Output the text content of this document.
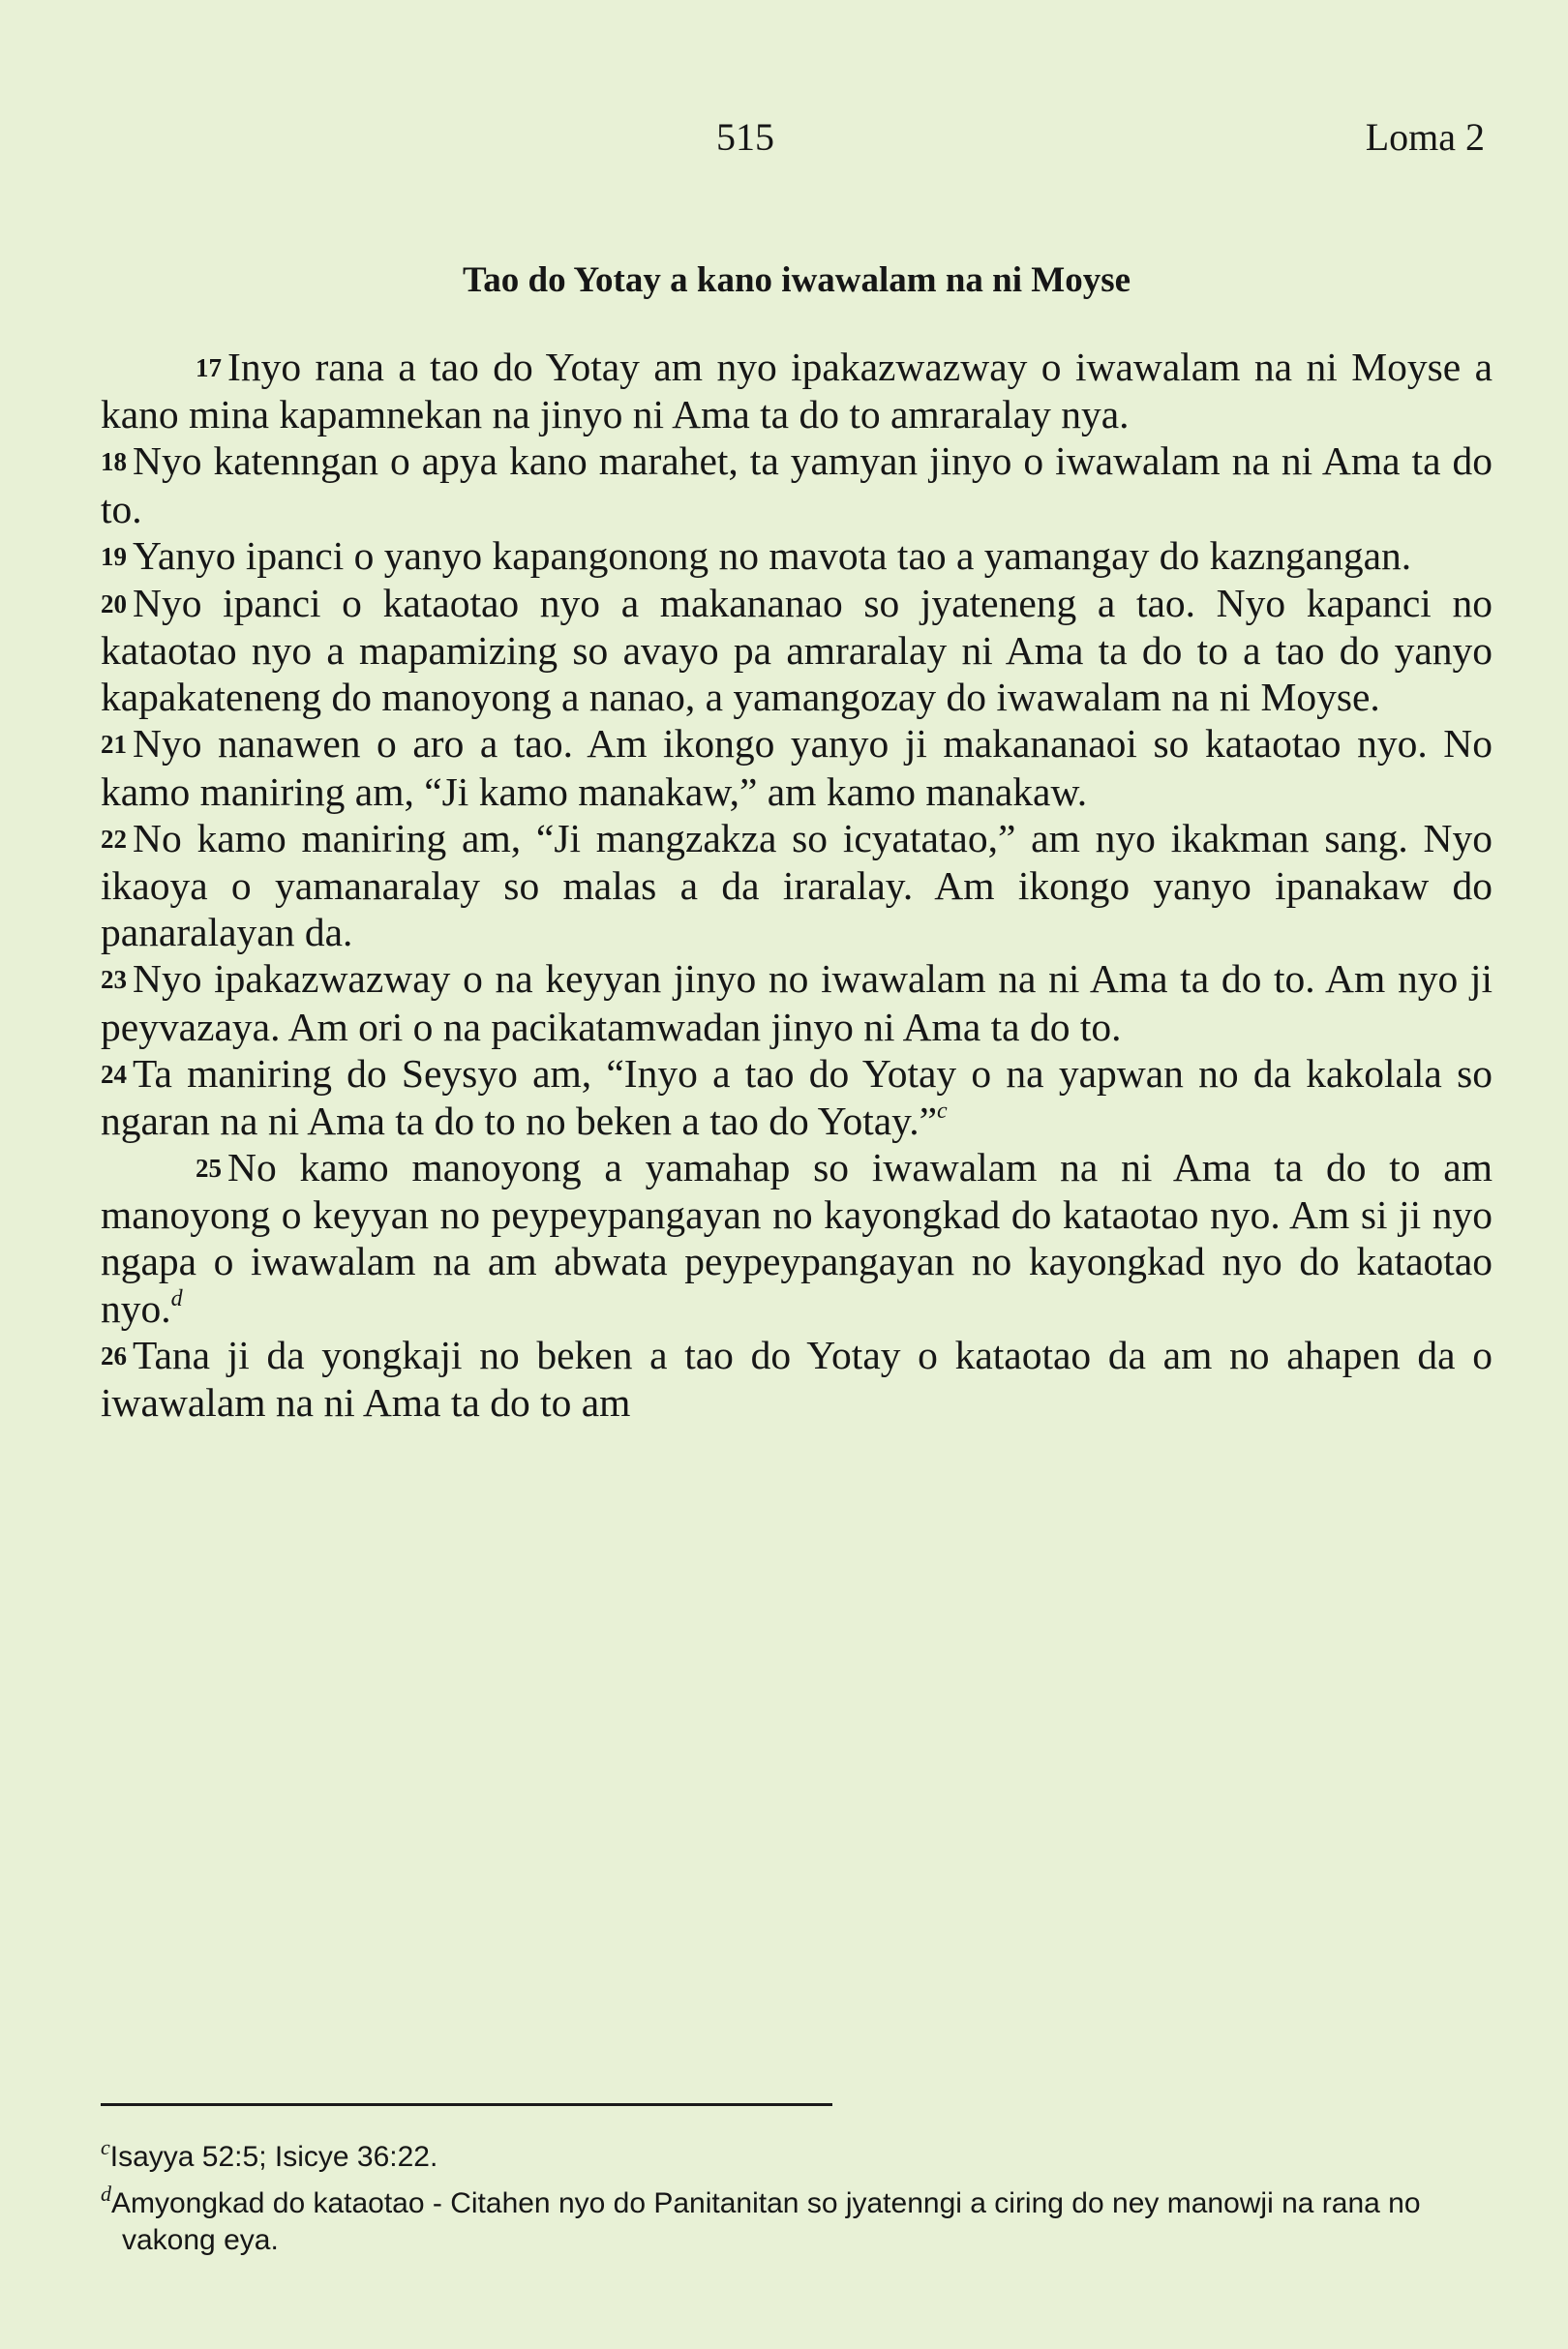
515	Loma 2
Tao do Yotay a kano iwawalam na ni Moyse

17 Inyo rana a tao do Yotay am nyo ipakazwazway o iwawalam na ni Moyse a kano mina kapamnekan na jinyo ni Ama ta do to amraralay nya.

18 Nyo katenngan o apya kano marahet, ta yamyan jinyo o iwawalam na ni Ama ta do to.

19 Yanyo ipanci o yanyo kapangonong no mavota tao a yamangay do kazngangan.

20 Nyo ipanci o kataotao nyo a makananao so jyateneng a tao. Nyo kapanci no kataotao nyo a mapamizing so avayo pa amraralay ni Ama ta do to a tao do yanyo kapakateneng do manoyong a nanao, a yamangozay do iwawalam na ni Moyse.

21 Nyo nanawen o aro a tao. Am ikongo yanyo ji makananaoi so kataotao nyo. No kamo maniring am, “Ji kamo manakaw,” am kamo manakaw.

22 No kamo maniring am, “Ji mangzakza so icyatatao,” am nyo ikakman sang. Nyo ikaoya o yamanaralay so malas a da iraralay. Am ikongo yanyo ipanakaw do panaralayan da.

23 Nyo ipakazwazway o na keyyan jinyo no iwawalam na ni Ama ta do to. Am nyo ji peyvazaya. Am ori o na pacikatamwadan jinyo ni Ama ta do to.

24 Ta maniring do Seysyo am, “Inyo a tao do Yotay o na yapwan no da kakolala so ngaran na ni Ama ta do to no beken a tao do Yotay.”$^c$

25 No kamo manoyong a yamahap so iwawalam na ni Ama ta do to am manoyong o keyyan no peypeypangayan no kayongkad do kataotao nyo. Am si ji nyo ngapa o iwawalam na am abwata peypeypangayan no kayongkad nyo do kataotao nyo.$^d$

26 Tana ji da yongkaji no beken a tao do Yotay o kataotao da am no ahapen da o iwawalam na ni Ama ta do to am

$^c$Isayya 52:5; Isicye 36:22.

$^d$Amyongkad do kataotao - Citahen nyo do Panitanitan so jyatenngi a ciring do ney manowji na rana no vakong eya.
